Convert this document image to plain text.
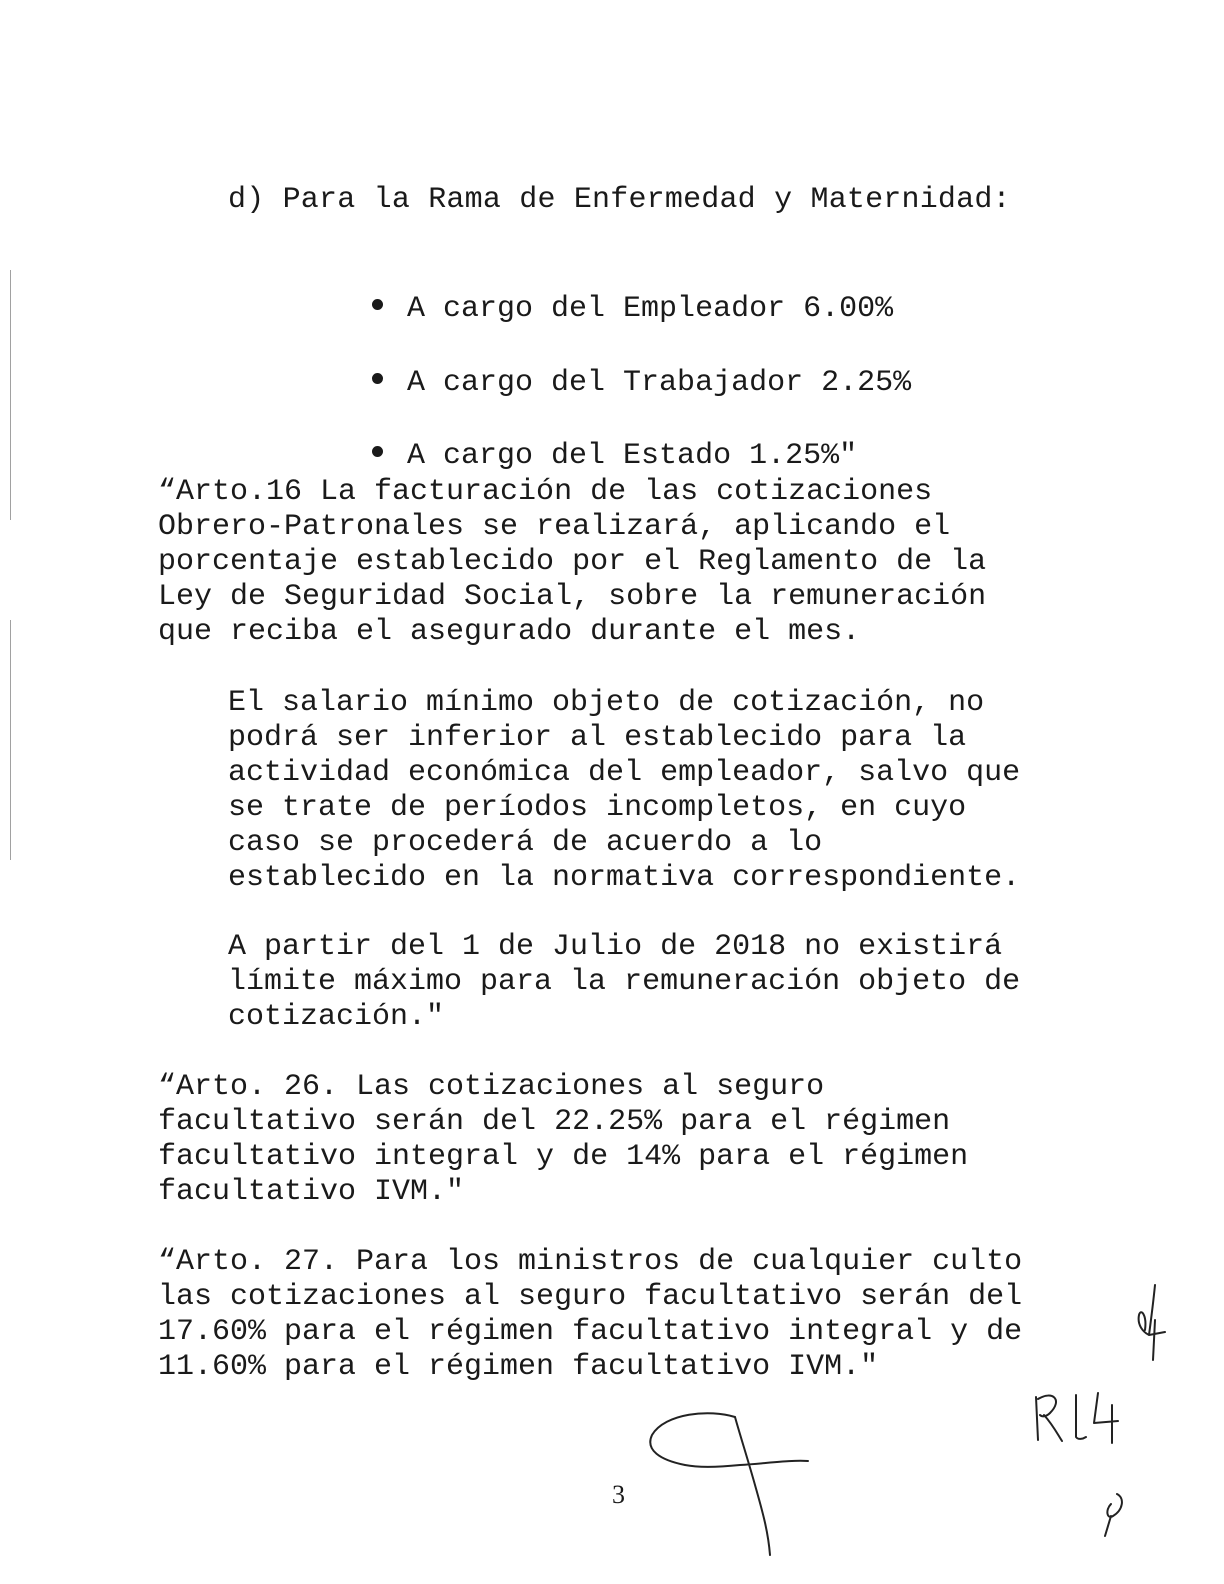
d) Para la Rama de Enfermedad y Maternidad:

A cargo del Empleador 6.00%

A cargo del Trabajador 2.25%

A cargo del Estado 1.25%″

“Arto.16 La facturación de las cotizaciones
Obrero-Patronales se realizará, aplicando el
porcentaje establecido por el Reglamento de la
Ley de Seguridad Social, sobre la remuneración
que reciba el asegurado durante el mes.
El salario mínimo objeto de cotización, no
podrá ser inferior al establecido para la
actividad económica del empleador, salvo que
se trate de períodos incompletos, en cuyo
caso se procederá de acuerdo a lo
establecido en la normativa correspondiente.
A partir del 1 de Julio de 2018 no existirá
límite máximo para la remuneración objeto de
cotización.″
“Arto. 26. Las cotizaciones al seguro
facultativo serán del 22.25% para el régimen
facultativo integral y de 14% para el régimen
facultativo IVM.″
“Arto. 27. Para los ministros de cualquier culto
las cotizaciones al seguro facultativo serán del
17.60% para el régimen facultativo integral y de
11.60% para el régimen facultativo IVM.″
3
